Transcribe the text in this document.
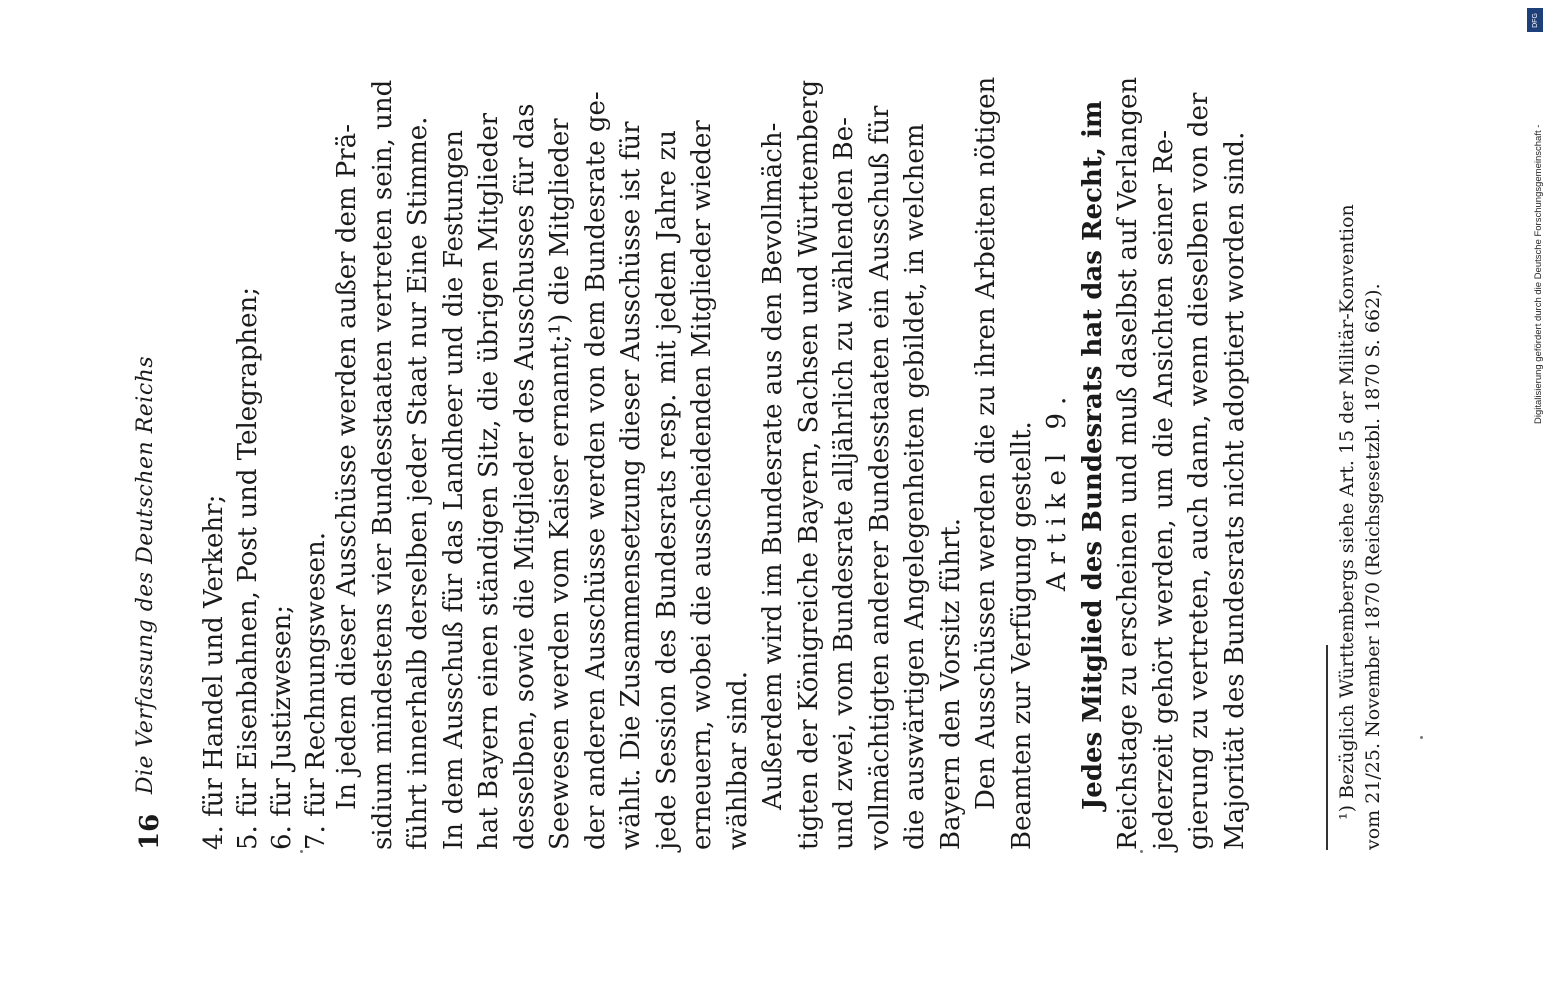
16
Die Verfassung des Deutschen Reichs 4. für Handel und Verkehr; 5. für Eisenbahnen, Post und Telegraphen; 6. für Justizwesen; 7. für Rechnungswesen. In jedem dieser Ausschüsse werden außer dem Prä- sidium mindestens vier Bundesstaaten vertreten sein, und führt innerhalb derselben jeder Staat nur Eine Stimme. In dem Ausschuß für das Landheer und die Festungen hat Bayern einen ständigen Sitz, die übrigen Mitglieder desselben, sowie die Mitglieder des Ausschusses für das Seewesen werden vom Kaiser ernannt;¹) die Mitglieder der anderen Ausschüsse werden von dem Bundesrate ge- wählt. Die Zusammensetzung dieser Ausschüsse ist für jede Session des Bundesrats resp. mit jedem Jahre zu erneuern, wobei die ausscheidenden Mitglieder wieder wählbar sind. Außerdem wird im Bundesrate aus den Bevollmäch- tigten der Königreiche Bayern, Sachsen und Württemberg und zwei, vom Bundesrate alljährlich zu wählenden Be- vollmächtigten anderer Bundesstaaten ein Ausschuß für die auswärtigen Angelegenheiten gebildet, in welchem Bayern den Vorsitz führt. Den Ausschüssen werden die zu ihren Arbeiten nötigen Beamten zur Verfügung gestellt. Artikel 9. Jedes Mitglied des Bundesrats hat das Recht, im Reichstage zu erscheinen und muß daselbst auf Verlangen jederzeit gehört werden, um die Ansichten seiner Re- gierung zu vertreten, auch dann, wenn dieselben von der Majorität des Bundesrats nicht adoptiert worden sind.	¹) Bezüglich Württembergs siehe Art. 15 der Militär-Konvention vom 21/25. November 1870 (Reichsgesetzbl. 1870 S. 662).
DFG
Digitalisierung gefördert durch die Deutsche Forschungsgemeinschaft -
